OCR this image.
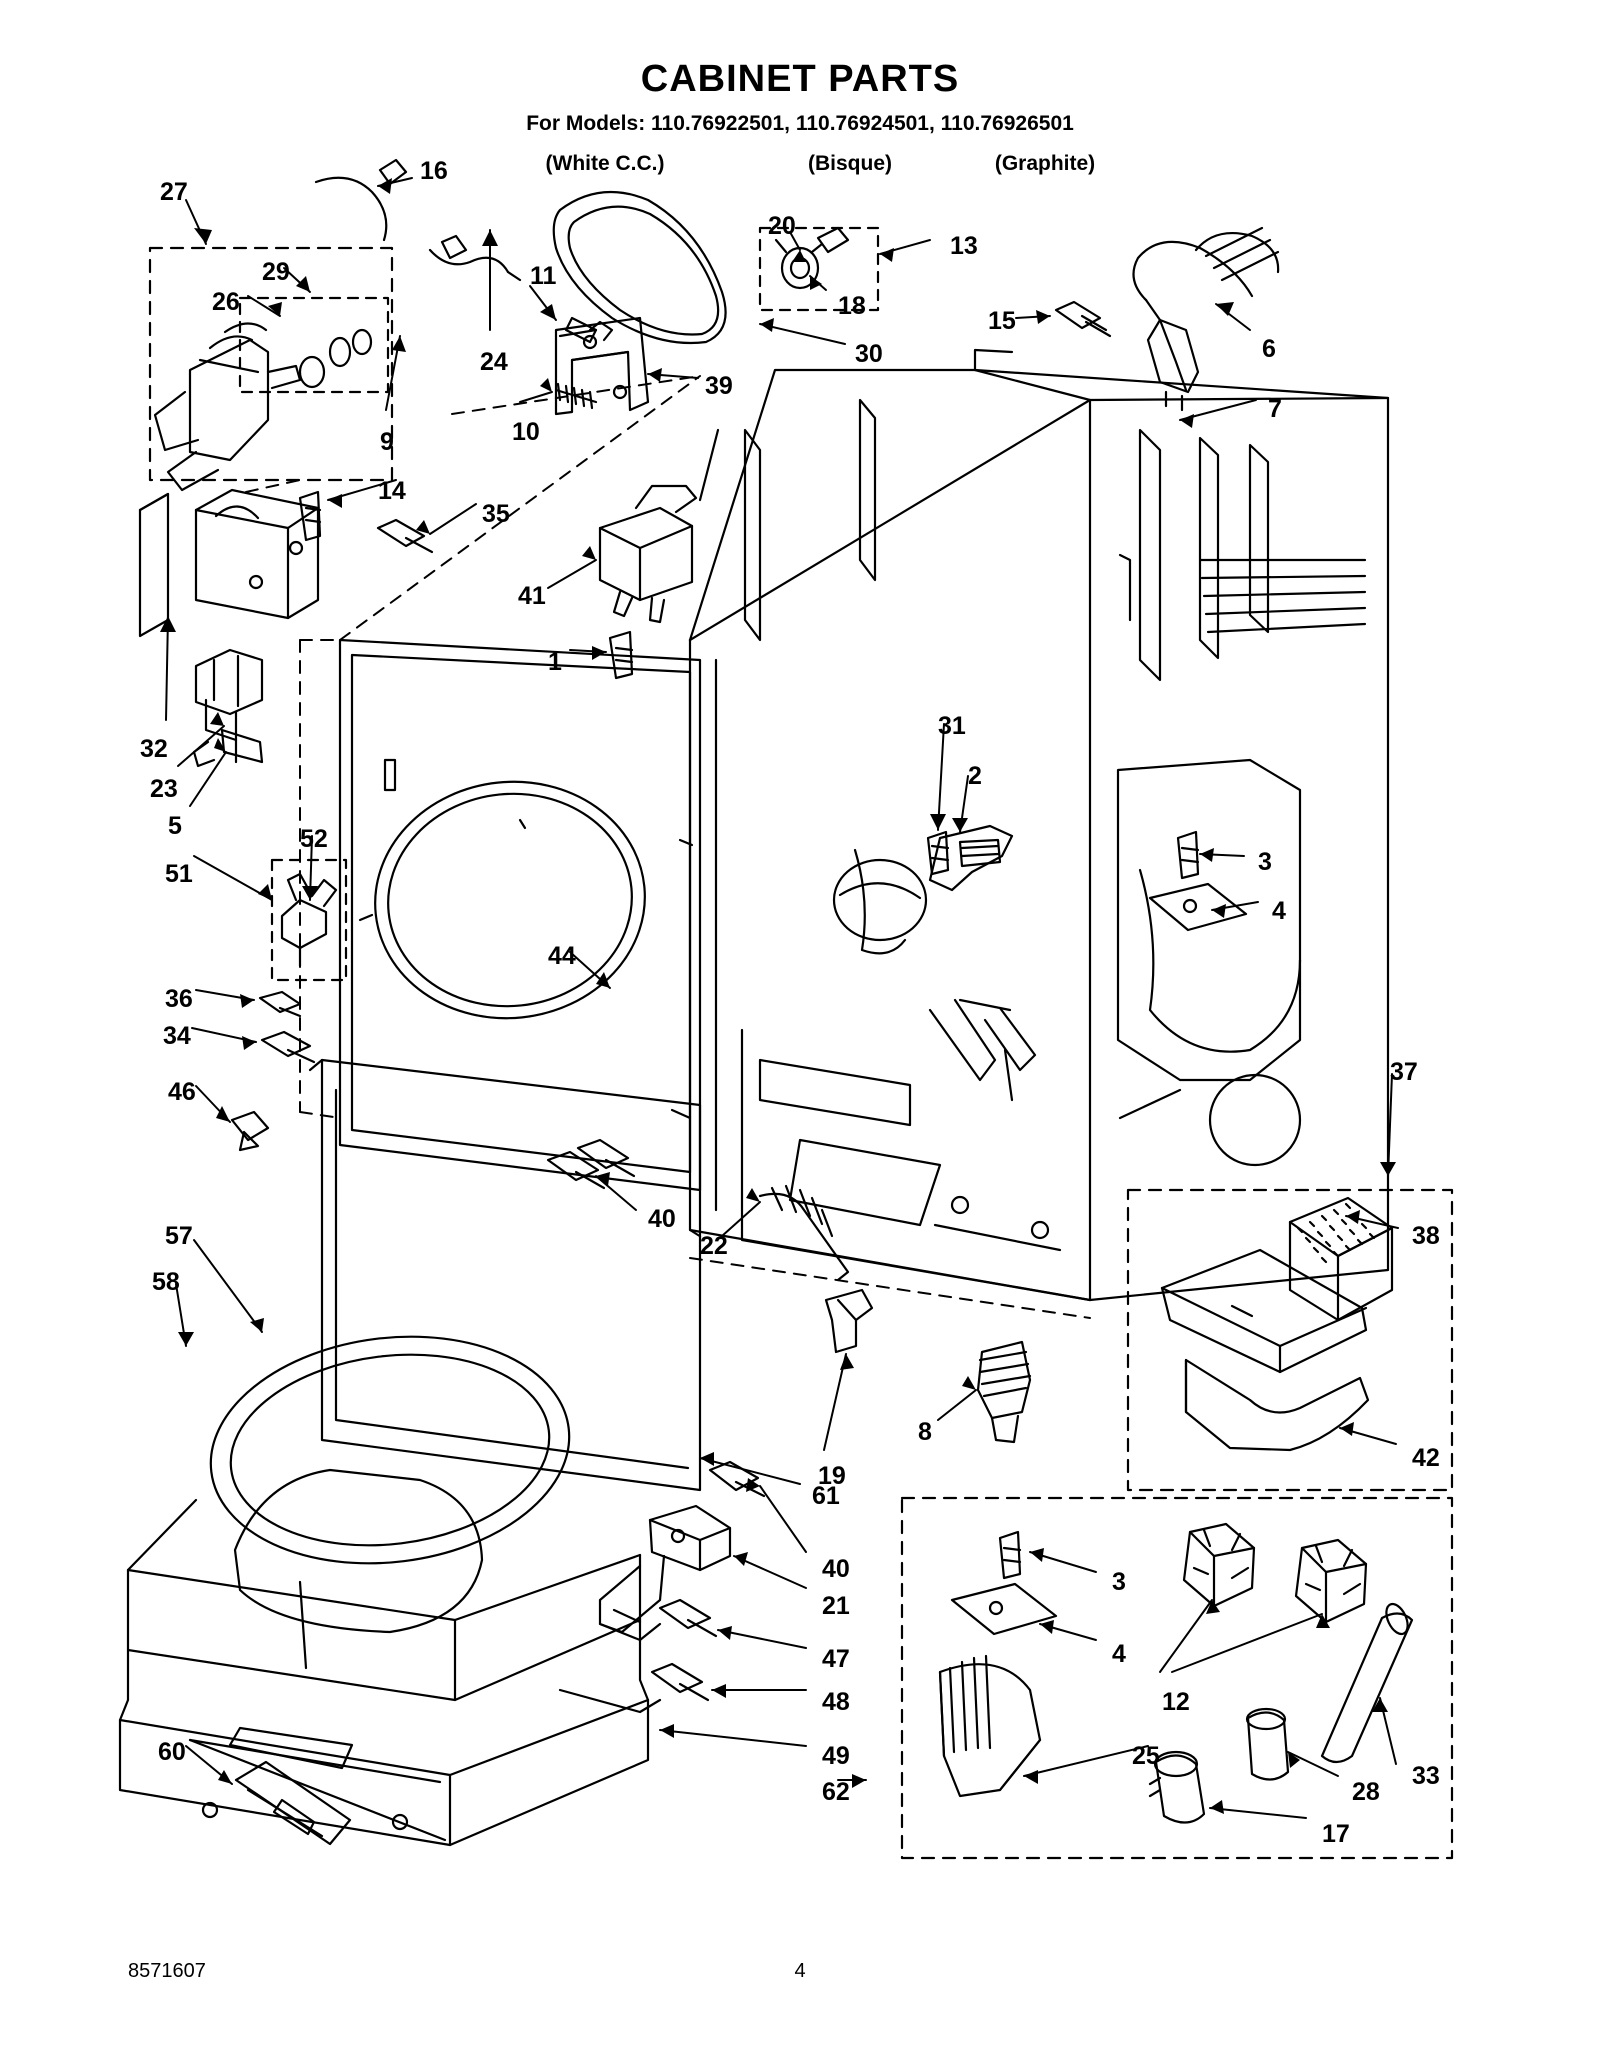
CABINET PARTS
For Models: 110.76922501, 110.76924501, 110.76926501
(White C.C.)	(Bisque)	(Graphite)
27
16
29
26
11
20
13
18
15
6
24	30
9
39
10
7
14
35
41
1
32
23
5	52
51
31
2
3
4
44
36
34
46
37
38
40
22
57
58
19
8
42
61
40
21
3
4
12
47
48
49
62
60	25
33
28
17
8571607	4
